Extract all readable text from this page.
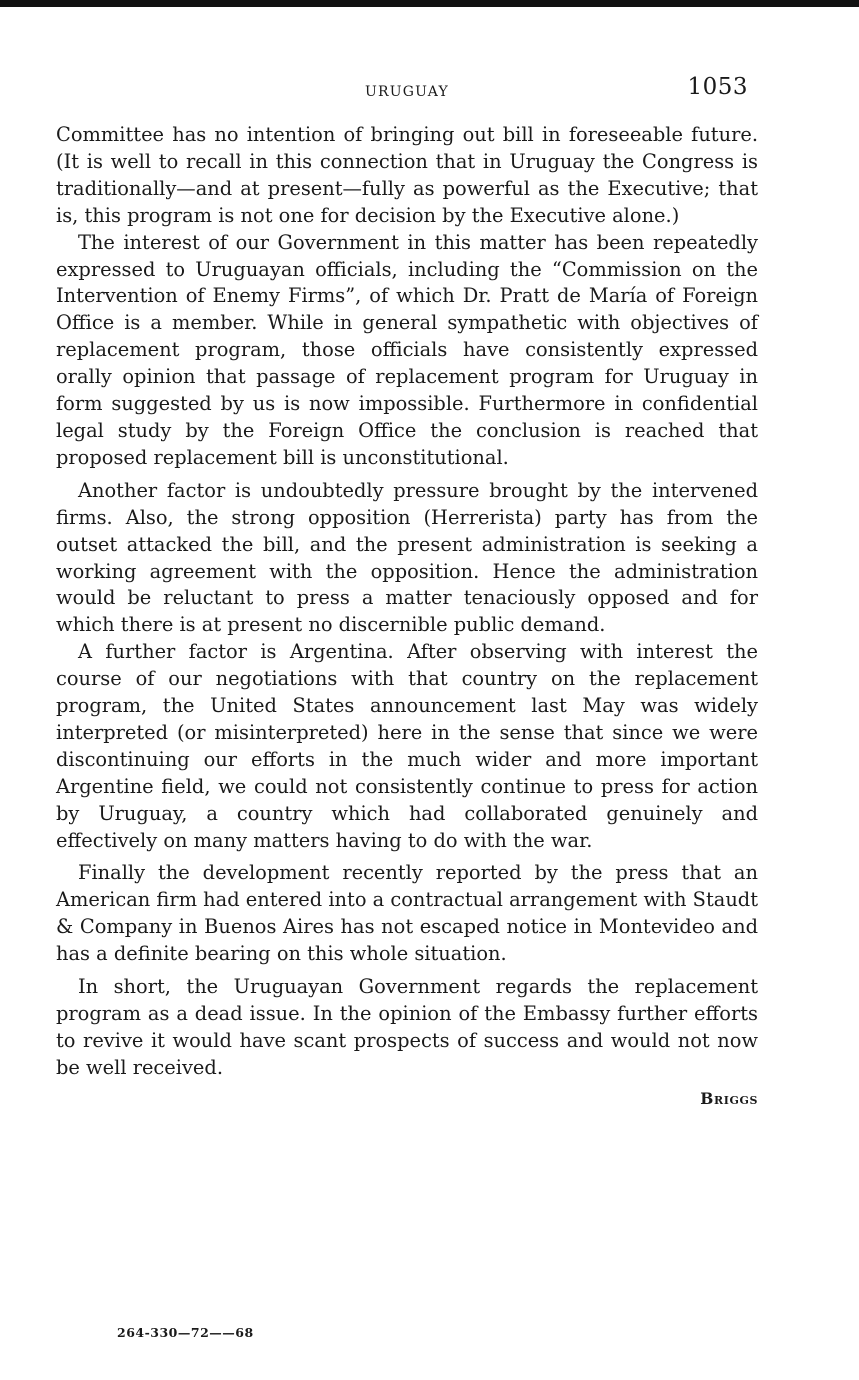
URUGUAY	1053

Committee has no intention of bringing out bill in foreseeable future. (It is well to recall in this connection that in Uruguay the Congress is traditionally—and at present—fully as powerful as the Executive; that is, this program is not one for decision by the Executive alone.)

The interest of our Government in this matter has been repeatedly expressed to Uruguayan officials, including the “Commission on the Intervention of Enemy Firms”, of which Dr. Pratt de María of Foreign Office is a member. While in general sympathetic with objectives of replacement program, those officials have consistently expressed orally opinion that passage of replacement program for Uruguay in form suggested by us is now impossible. Furthermore in confidential legal study by the Foreign Office the conclusion is reached that proposed replacement bill is unconstitutional.

Another factor is undoubtedly pressure brought by the intervened firms. Also, the strong opposition (Herrerista) party has from the outset attacked the bill, and the present administration is seeking a working agreement with the opposition. Hence the administration would be reluctant to press a matter tenaciously opposed and for which there is at present no discernible public demand.

A further factor is Argentina. After observing with interest the course of our negotiations with that country on the replacement program, the United States announcement last May was widely interpreted (or misinterpreted) here in the sense that since we were discontinuing our efforts in the much wider and more important Argentine field, we could not consistently continue to press for action by Uruguay, a country which had collaborated genuinely and effectively on many matters having to do with the war.

Finally the development recently reported by the press that an American firm had entered into a contractual arrangement with Staudt & Company in Buenos Aires has not escaped notice in Montevideo and has a definite bearing on this whole situation.

In short, the Uruguayan Government regards the replacement program as a dead issue. In the opinion of the Embassy further efforts to revive it would have scant prospects of success and would not now be well received.

Briggs
264-330—72——68
